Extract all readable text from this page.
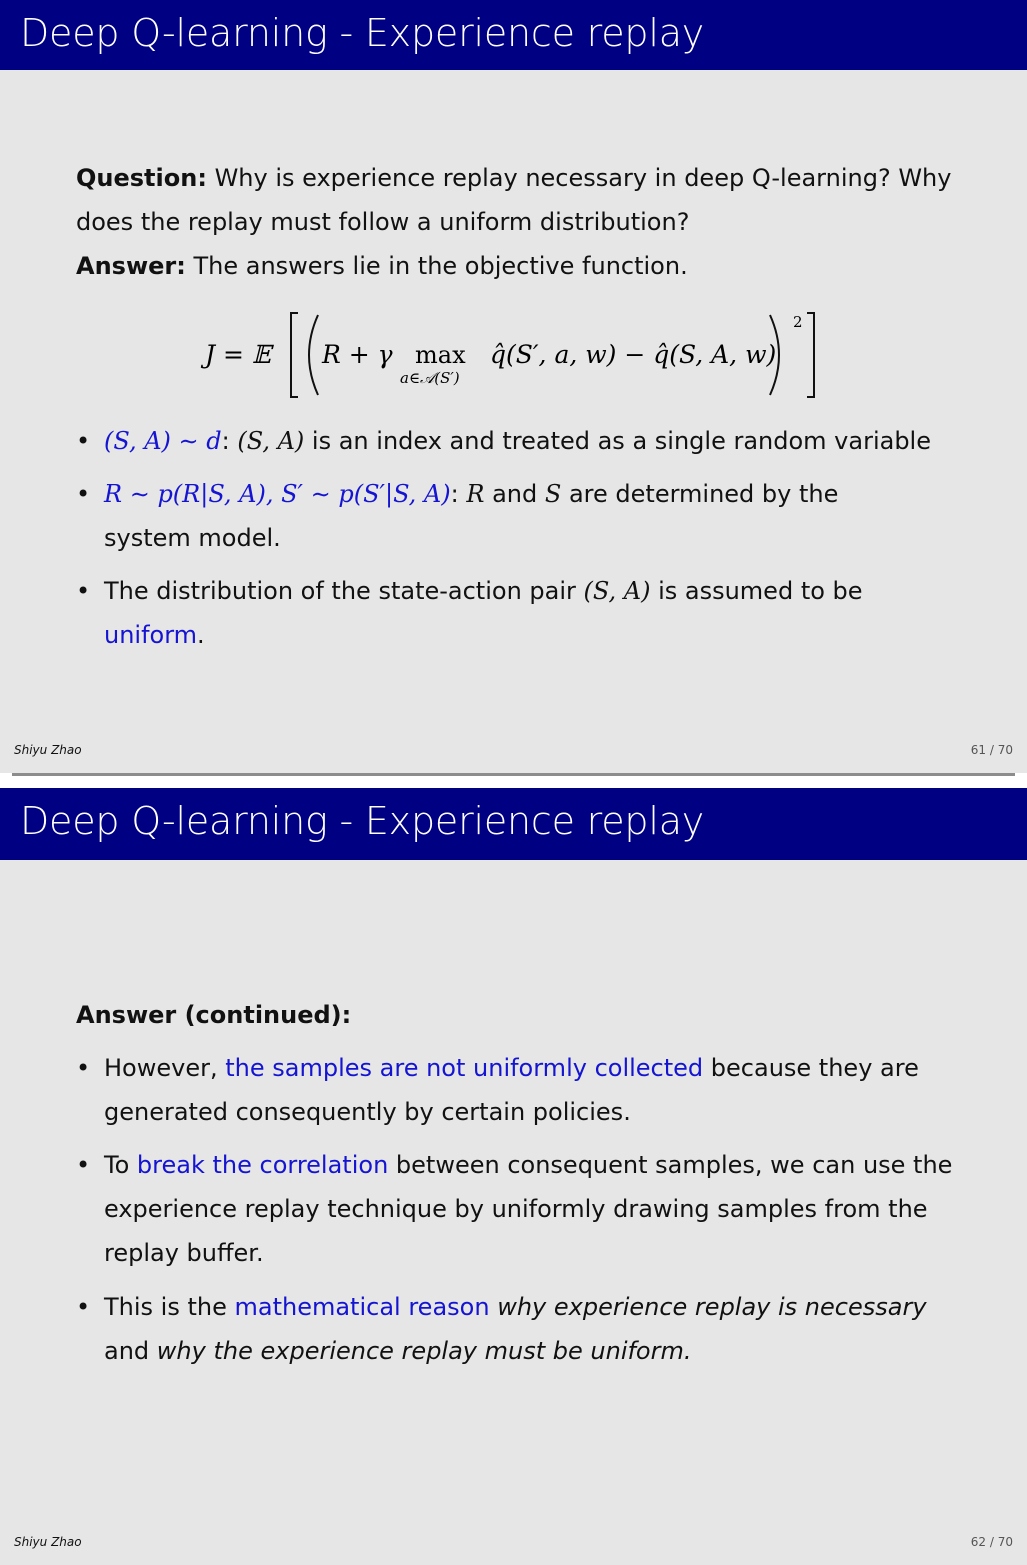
Deep Q-learning - Experience replay
Question: Why is experience replay necessary in deep Q-learning? Why
does the replay must follow a uniform distribution?
Answer: The answers lie in the objective function.
J = 𝔼 R + γ max
a∈𝒜(S′)
q̂(S′, a, w) − q̂(S, A, w)
2
• (S, A) ∼ d: (S, A) is an index and treated as a single random variable
• R ∼ p(R|S, A), S′ ∼ p(S′|S, A): R and S are determined by the
system model.
• The distribution of the state-action pair (S, A) is assumed to be
uniform.
Shiyu Zhao	61 / 70
Deep Q-learning - Experience replay
Answer (continued):
• However, the samples are not uniformly collected because they are
generated consequently by certain policies.
• To break the correlation between consequent samples, we can use the
experience replay technique by uniformly drawing samples from the
replay buffer.
• This is the mathematical reason why experience replay is necessary
and why the experience replay must be uniform.
Shiyu Zhao	62 / 70
